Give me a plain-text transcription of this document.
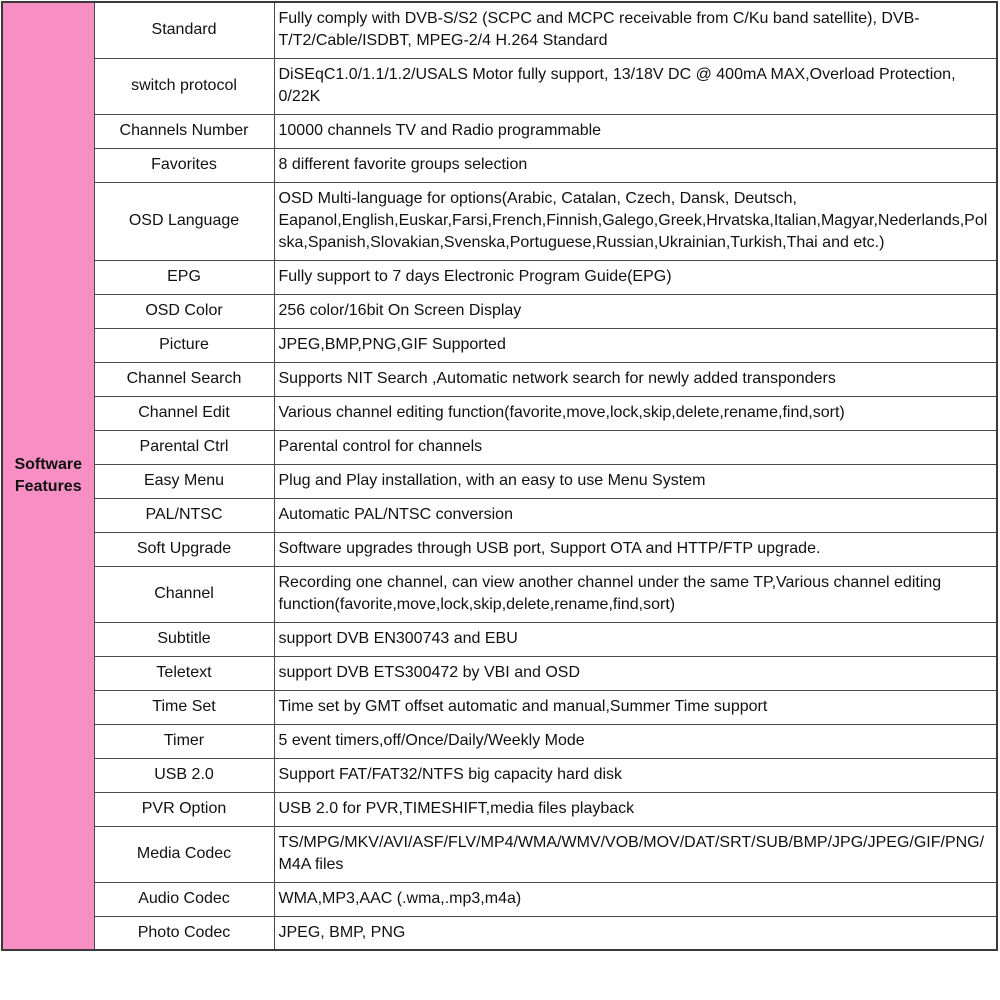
Software Features	Standard	Fully comply with DVB-S/S2 (SCPC and MCPC receivable from C/Ku band satellite), DVB-T/T2/Cable/ISDBT, MPEG-2/4 H.264 Standard
	switch protocol	DiSEqC1.0/1.1/1.2/USALS Motor fully support, 13/18V DC @ 400mA MAX,Overload Protection, 0/22K
	Channels Number	10000 channels TV and Radio programmable
	Favorites	8 different favorite groups selection
	OSD Language	OSD Multi-language for options(Arabic, Catalan, Czech, Dansk, Deutsch, Eapanol,English,Euskar,Farsi,French,Finnish,Galego,Greek,Hrvatska,Italian,Magyar,Nederlands,Polska,Spanish,Slovakian,Svenska,Portuguese,Russian,Ukrainian,Turkish,Thai and etc.)
	EPG	Fully support to 7 days Electronic Program Guide(EPG)
	OSD Color	256 color/16bit On Screen Display
	Picture	JPEG,BMP,PNG,GIF Supported
	Channel Search	Supports NIT Search ,Automatic network search for newly added transponders
	Channel Edit	Various channel editing function(favorite,move,lock,skip,delete,rename,find,sort)
	Parental Ctrl	Parental control for channels
	Easy Menu	Plug and Play installation, with an easy to use Menu System
	PAL/NTSC	Automatic PAL/NTSC conversion
	Soft Upgrade	Software upgrades through USB port, Support OTA and HTTP/FTP upgrade.
	Channel	Recording one channel, can view another channel under the same TP,Various channel editing function(favorite,move,lock,skip,delete,rename,find,sort)
	Subtitle	support DVB EN300743 and EBU
	Teletext	support DVB ETS300472 by VBI and OSD
	Time Set	Time set by GMT offset automatic and manual,Summer Time support
	Timer	5 event timers,off/Once/Daily/Weekly Mode
	USB 2.0	Support FAT/FAT32/NTFS big capacity hard disk
	PVR Option	USB 2.0 for PVR,TIMESHIFT,media files playback
	Media Codec	TS/MPG/MKV/AVI/ASF/FLV/MP4/WMA/WMV/VOB/MOV/DAT/SRT/SUB/BMP/JPG/JPEG/GIF/PNG/M4A files
	Audio Codec	WMA,MP3,AAC (.wma,.mp3,m4a)
	Photo Codec	JPEG, BMP, PNG
